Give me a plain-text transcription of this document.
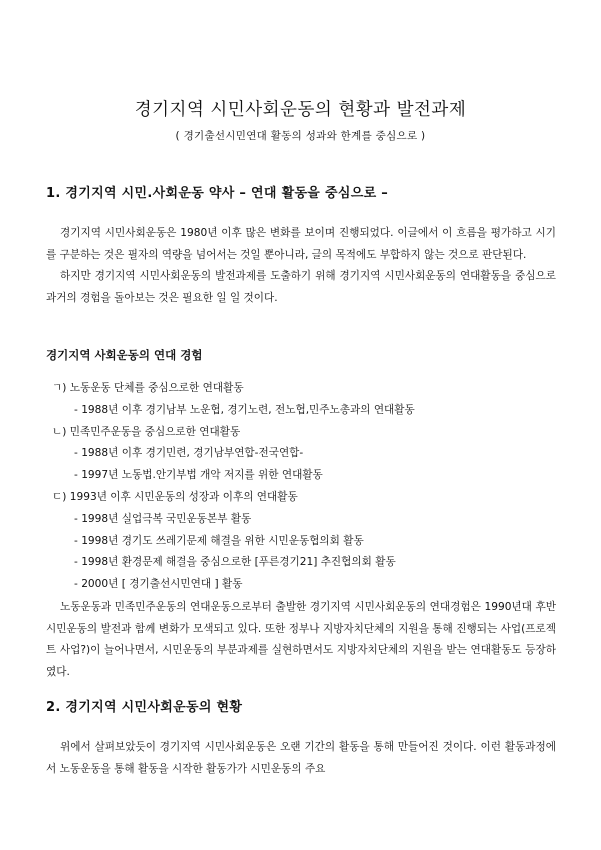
경기지역 시민사회운동의 현황과 발전과제
( 경기출선시민연대 활동의 성과와 한계를 중심으로 )
1. 경기지역 시민.사회운동 약사 – 연대 활동을 중심으로 –

경기지역 시민사회운동은 1980년 이후 많은 변화를 보이며 진행되었다. 이글에서 이 흐름을 평가하고 시기를 구분하는 것은 필자의 역량을 넘어서는 것일 뿐아니라, 글의 목적에도 부합하지 않는 것으로 판단된다.

하지만 경기지역 시민사회운동의 발전과제를 도출하기 위해 경기지역 시민사회운동의 연대활동을 중심으로 과거의 경험을 돌아보는 것은 필요한 일 일 것이다.

경기지역 사회운동의 연대 경험
ㄱ) 노동운동 단체를 중심으로한 연대활동
- 1988년 이후 경기남부 노운협, 경기노련, 전노협,민주노총과의 연대활동
ㄴ) 민족민주운동을 중심으로한 연대활동
- 1988년 이후 경기민련, 경기남부연합-전국연합-
- 1997년 노동법.안기부법 개악 저지를 위한 연대활동
ㄷ) 1993년 이후 시민운동의 성장과 이후의 연대활동
- 1998년 실업극복 국민운동본부 활동
- 1998년 경기도 쓰레기문제 해결을 위한 시민운동협의회 활동
- 1998년 환경문제 해결을 중심으로한 [푸른경기21] 추진협의회 활동
- 2000년 [ 경기출선시민연대 ] 활동

노동운동과 민족민주운동의 연대운동으로부터 출발한 경기지역 시민사회운동의 연대경험은 1990년대 후반 시민운동의 발전과 함께 변화가 모색되고 있다. 또한 정부나 지방자치단체의 지원을 통해 진행되는 사업(프로젝트 사업?)이 늘어나면서, 시민운동의 부분과제를 실현하면서도 지방자치단체의 지원을 받는 연대활동도 등장하였다.

2. 경기지역 시민사회운동의 현황

위에서 살펴보았듯이 경기지역 시민사회운동은 오랜 기간의 활동을 통해 만들어진 것이다. 이런 활동과정에서 노동운동을 통해 활동을 시작한 활동가가 시민운동의 주요
